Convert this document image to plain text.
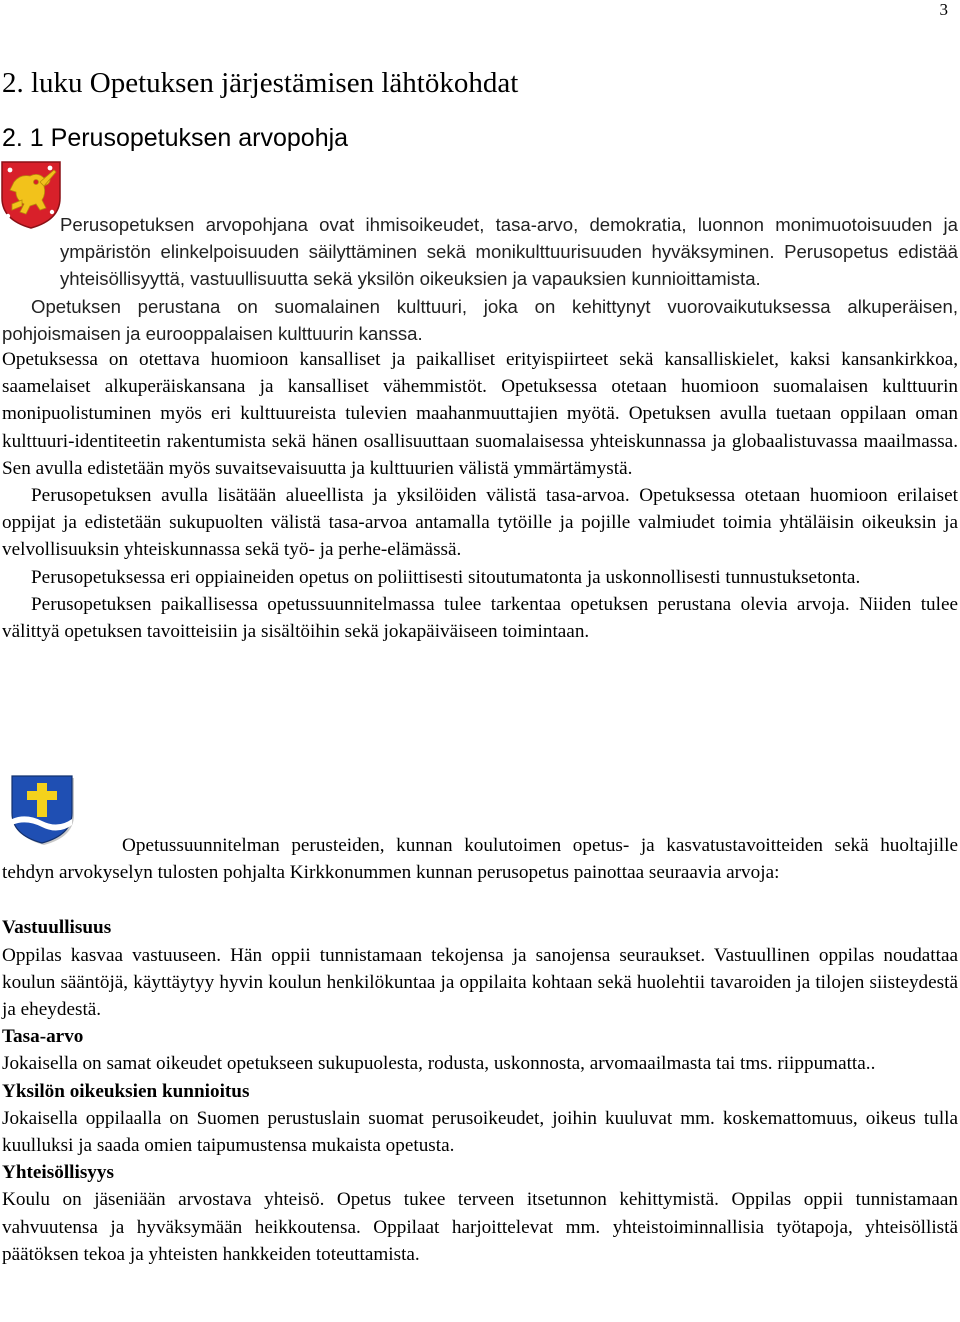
3
2. luku Opetuksen järjestämisen lähtökohdat
2. 1 Perusopetuksen arvopohja

Perusopetuksen arvopohjana ovat ihmisoikeudet, tasa-arvo, demokratia, luonnon monimuotoisuuden ja ympäristön elinkelpoisuuden säilyttäminen sekä monikulttuurisuuden hyväksyminen. Perusopetus edistää yhteisöllisyyttä, vastuullisuutta sekä yksilön oikeuksien ja vapauksien kunnioittamista.

Opetuksen perustana on suomalainen kulttuuri, joka on kehittynyt vuorovaikutuksessa alkuperäisen, pohjoismaisen ja eurooppalaisen kulttuurin kanssa.

Opetuksessa on otettava huomioon kansalliset ja paikalliset erityispiirteet sekä kansalliskielet, kaksi kansankirkkoa, saamelaiset alkuperäiskansana ja kansalliset vähemmistöt. Opetuksessa otetaan huomioon suomalaisen kulttuurin monipuolistuminen myös eri kulttuureista tulevien maahanmuuttajien myötä. Opetuksen avulla tuetaan oppilaan oman kulttuuri-identiteetin rakentumista sekä hänen osallisuuttaan suomalaisessa yhteiskunnassa ja globaalistuvassa maailmassa. Sen avulla edistetään myös suvaitsevaisuutta ja kulttuurien välistä ymmärtämystä.

Perusopetuksen avulla lisätään alueellista ja yksilöiden välistä tasa-arvoa. Opetuksessa otetaan huomioon erilaiset oppijat ja edistetään sukupuolten välistä tasa-arvoa antamalla tytöille ja pojille valmiudet toimia yhtäläisin oikeuksin ja velvollisuuksin yhteiskunnassa sekä työ- ja perhe-elämässä.

Perusopetuksessa eri oppiaineiden opetus on poliittisesti sitoutumatonta ja uskonnollisesti tunnustuksetonta.

Perusopetuksen paikallisessa opetussuunnitelmassa tulee tarkentaa opetuksen perustana olevia arvoja. Niiden tulee välittyä opetuksen tavoitteisiin ja sisältöihin sekä jokapäiväiseen toimintaan.

Opetussuunnitelman perusteiden, kunnan koulutoimen opetus- ja kasvatustavoitteiden sekä huoltajille tehdyn arvokyselyn tulosten pohjalta Kirkkonummen kunnan perusopetus painottaa seuraavia arvoja:

Vastuullisuus

Oppilas kasvaa vastuuseen. Hän oppii tunnistamaan tekojensa ja sanojensa seuraukset. Vastuullinen oppilas noudattaa koulun sääntöjä, käyttäytyy hyvin koulun henkilökuntaa ja oppilaita kohtaan sekä huolehtii tavaroiden ja tilojen siisteydestä ja eheydestä.

Tasa-arvo

Jokaisella on samat oikeudet opetukseen sukupuolesta, rodusta, uskonnosta, arvomaailmasta tai tms. riippumatta..

Yksilön oikeuksien kunnioitus

Jokaisella oppilaalla on Suomen perustuslain suomat perusoikeudet, joihin kuuluvat mm. koskemattomuus, oikeus tulla kuulluksi ja saada omien taipumustensa mukaista opetusta.

Yhteisöllisyys

Koulu on jäseniään arvostava yhteisö. Opetus tukee terveen itsetunnon kehittymistä. Oppilas oppii tunnistamaan vahvuutensa ja hyväksymään heikkoutensa. Oppilaat harjoittelevat mm. yhteistoiminnallisia työtapoja, yhteisöllistä päätöksen tekoa ja yhteisten hankkeiden toteuttamista.
